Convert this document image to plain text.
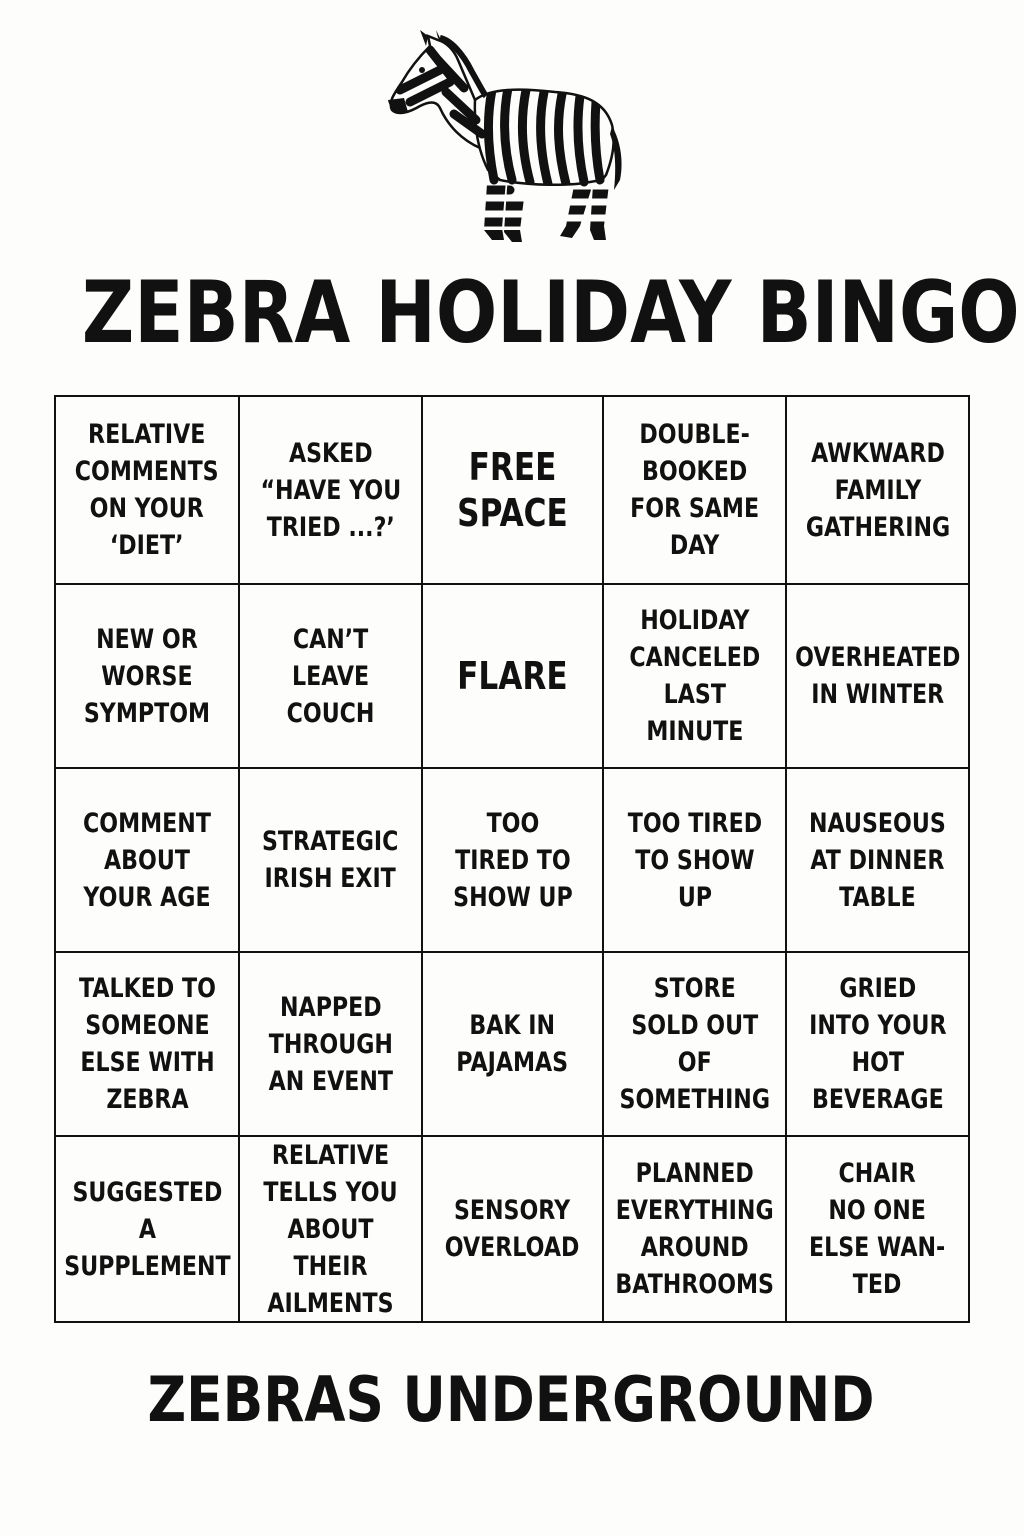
ZEBRA HOLIDAY BINGO
RELATIVE
COMMENTS
ON YOUR ‘DIET’
ASKED
“HAVE YOU
TRIED ...?’
FREE
SPACE
DOUBLE-
BOOKED
FOR SAME
DAY
AWKWARD
FAMILY
GATHERING
NEW OR
WORSE
SYMPTOM
CAN’T
LEAVE
COUCH
FLARE
HOLIDAY
CANCELED
LAST
MINUTE
OVERHEATED
IN WINTER
COMMENT
ABOUT
YOUR AGE
STRATEGIC
IRISH EXIT
TOO
TIRED TO
SHOW UP
TOO TIRED
TO SHOW
UP
NAUSEOUS
AT DINNER
TABLE
TALKED TO
SOMEONE
ELSE WITH
ZEBRA
NAPPED
THROUGH
AN EVENT
BAK IN
PAJAMAS
STORE
SOLD OUT
OF
SOMETHING
GRIED
INTO YOUR
HOT
BEVERAGE
SUGGESTED
A
SUPPLEMENT
RELATIVE
TELLS YOU
ABOUT THEIR
AILMENTS
SENSORY
OVERLOAD
PLANNED
EVERYTHING
AROUND
BATHROOMS
CHAIR
NO ONE
ELSE WAN-
TED
ZEBRAS UNDERGROUND
